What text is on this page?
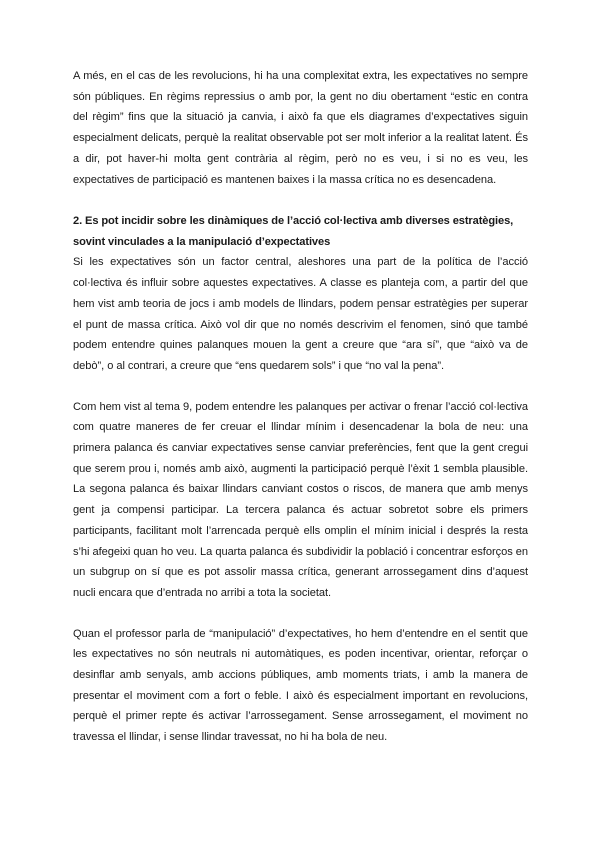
A més, en el cas de les revolucions, hi ha una complexitat extra, les expectatives no sempre són públiques. En règims repressius o amb por, la gent no diu obertament “estic en contra del règim” fins que la situació ja canvia, i això fa que els diagrames d’expectatives siguin especialment delicats, perquè la realitat observable pot ser molt inferior a la realitat latent. És a dir, pot haver-hi molta gent contrària al règim, però no es veu, i si no es veu, les expectatives de participació es mantenen baixes i la massa crítica no es desencadena.

2. Es pot incidir sobre les dinàmiques de l’acció col·lectiva amb diverses estratègies, sovint vinculades a la manipulació d’expectatives

Si les expectatives són un factor central, aleshores una part de la política de l’acció col·lectiva és influir sobre aquestes expectatives. A classe es planteja com, a partir del que hem vist amb teoria de jocs i amb models de llindars, podem pensar estratègies per superar el punt de massa crítica. Això vol dir que no només descrivim el fenomen, sinó que també podem entendre quines palanques mouen la gent a creure que “ara sí”, que “això va de debò”, o al contrari, a creure que “ens quedarem sols” i que “no val la pena”.

Com hem vist al tema 9, podem entendre les palanques per activar o frenar l’acció col·lectiva com quatre maneres de fer creuar el llindar mínim i desencadenar la bola de neu: una primera palanca és canviar expectatives sense canviar preferències, fent que la gent cregui que serem prou i, només amb això, augmenti la participació perquè l’èxit 1 sembla plausible. La segona palanca és baixar llindars canviant costos o riscos, de manera que amb menys gent ja compensi participar. La tercera palanca és actuar sobretot sobre els primers participants, facilitant molt l’arrencada perquè ells omplin el mínim inicial i després la resta s’hi afegeixi quan ho veu. La quarta palanca és subdividir la població i concentrar esforços en un subgrup on sí que es pot assolir massa crítica, generant arrossegament dins d’aquest nucli encara que d’entrada no arribi a tota la societat.

Quan el professor parla de “manipulació” d’expectatives, ho hem d’entendre en el sentit que les expectatives no són neutrals ni automàtiques, es poden incentivar, orientar, reforçar o desinflar amb senyals, amb accions públiques, amb moments triats, i amb la manera de presentar el moviment com a fort o feble. I això és especialment important en revolucions, perquè el primer repte és activar l’arrossegament. Sense arrossegament, el moviment no travessa el llindar, i sense llindar travessat, no hi ha bola de neu.
